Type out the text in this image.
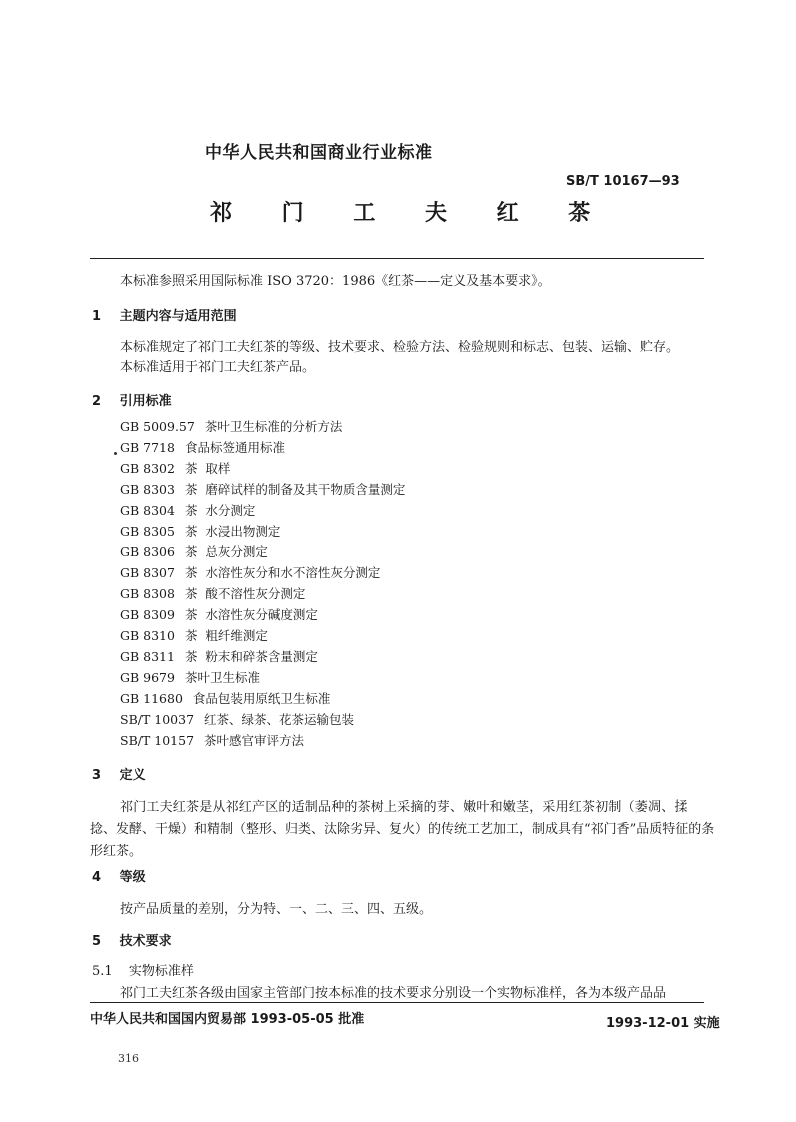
中华人民共和国商业行业标准
SB/T 10167—93
祁 门 工 夫 红 茶
本标准参照采用国际标准 ISO 3720：1986《红茶——定义及基本要求》。
1 主题内容与适用范围
本标准规定了祁门工夫红茶的等级、技术要求、检验方法、检验规则和标志、包装、运输、贮存。
本标准适用于祁门工夫红茶产品。
2 引用标准
GB 5009.57 茶叶卫生标准的分析方法
GB 7718 食品标签通用标准
GB 8302 茶  取样
GB 8303 茶  磨碎试样的制备及其干物质含量测定
GB 8304 茶  水分测定
GB 8305 茶  水浸出物测定
GB 8306 茶  总灰分测定
GB 8307 茶  水溶性灰分和水不溶性灰分测定
GB 8308 茶  酸不溶性灰分测定
GB 8309 茶  水溶性灰分碱度测定
GB 8310 茶  粗纤维测定
GB 8311 茶  粉末和碎茶含量测定
GB 9679 茶叶卫生标准
GB 11680 食品包装用原纸卫生标准
SB/T 10037 红茶、绿茶、花茶运输包装
SB/T 10157 茶叶感官审评方法
3 定义
祁门工夫红茶是从祁红产区的适制品种的茶树上采摘的芽、嫩叶和嫩茎，采用红茶初制（萎凋、揉
捻、发酵、干燥）和精制（整形、归类、汰除劣异、复火）的传统工艺加工，制成具有“祁门香”品质特征的条
形红茶。
4 等级
按产品质量的差别，分为特、一、二、三、四、五级。
5 技术要求
5.1 实物标准样
祁门工夫红茶各级由国家主管部门按本标准的技术要求分别设一个实物标准样，各为本级产品品
中华人民共和国国内贸易部 1993-05-05 批准	1993-12-01 实施
316
